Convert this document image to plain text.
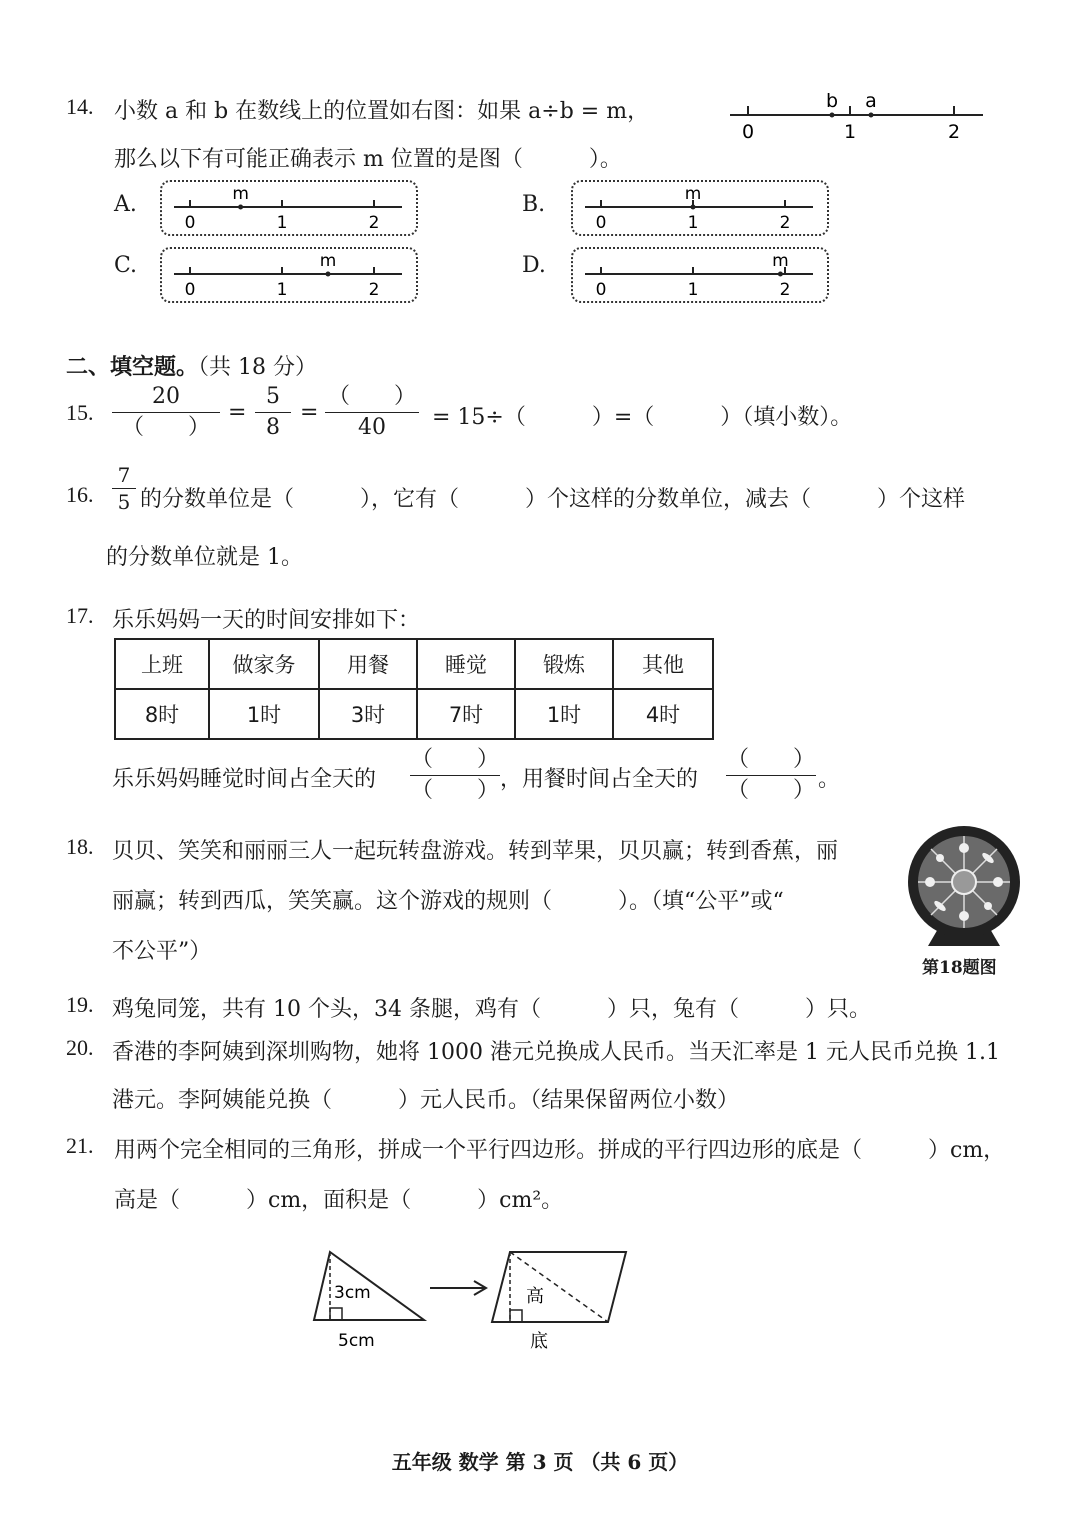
14. 小数 a 和 b 在数线上的位置如右图：如果 a÷b = m，
那么以下有可能正确表示 m 位置的是图（　　　）。
0	1	2
b a
A.
0	1	2
m	B.
0	1	2
m
C.
0	1	2
m	D.
0	1	2
m
二、填空题。（共 18 分）
15.
20
（　　）
=
5
8
=
（　　）
40	= 15÷（　　　）=（　　　）（填小数）。
16.
7
5 的分数单位是（　　　），它有（　　　）个这样的分数单位，减去（　　　）个这样
的分数单位就是 1。
17. 乐乐妈妈一天的时间安排如下：
上班	做家务	用餐	睡觉	锻炼	其他
8时	1时	3时	7时	1时	4时
乐乐妈妈睡觉时间占全天的
（　　）
（　　） ，用餐时间占全天的
（　　）
（　　） 。
18. 贝贝、笑笑和丽丽三人一起玩转盘游戏。转到苹果，贝贝赢；转到香蕉，丽
丽赢；转到西瓜，笑笑赢。这个游戏的规则（　　　）。（填“公平”或“
不公平”）
第18题图
19. 鸡兔同笼，共有 10 个头，34 条腿，鸡有（　　　）只，兔有（　　　）只。
20. 香港的李阿姨到深圳购物，她将 1000 港元兑换成人民币。当天汇率是 1 元人民币兑换 1.1
港元。李阿姨能兑换（　　　）元人民币。（结果保留两位小数）
21. 用两个完全相同的三角形，拼成一个平行四边形。拼成的平行四边形的底是（　　　）cm，
高是（　　　）cm，面积是（　　　）cm²。
3cm
5cm
高
底
五年级 数学 第 3 页 （共 6 页）
